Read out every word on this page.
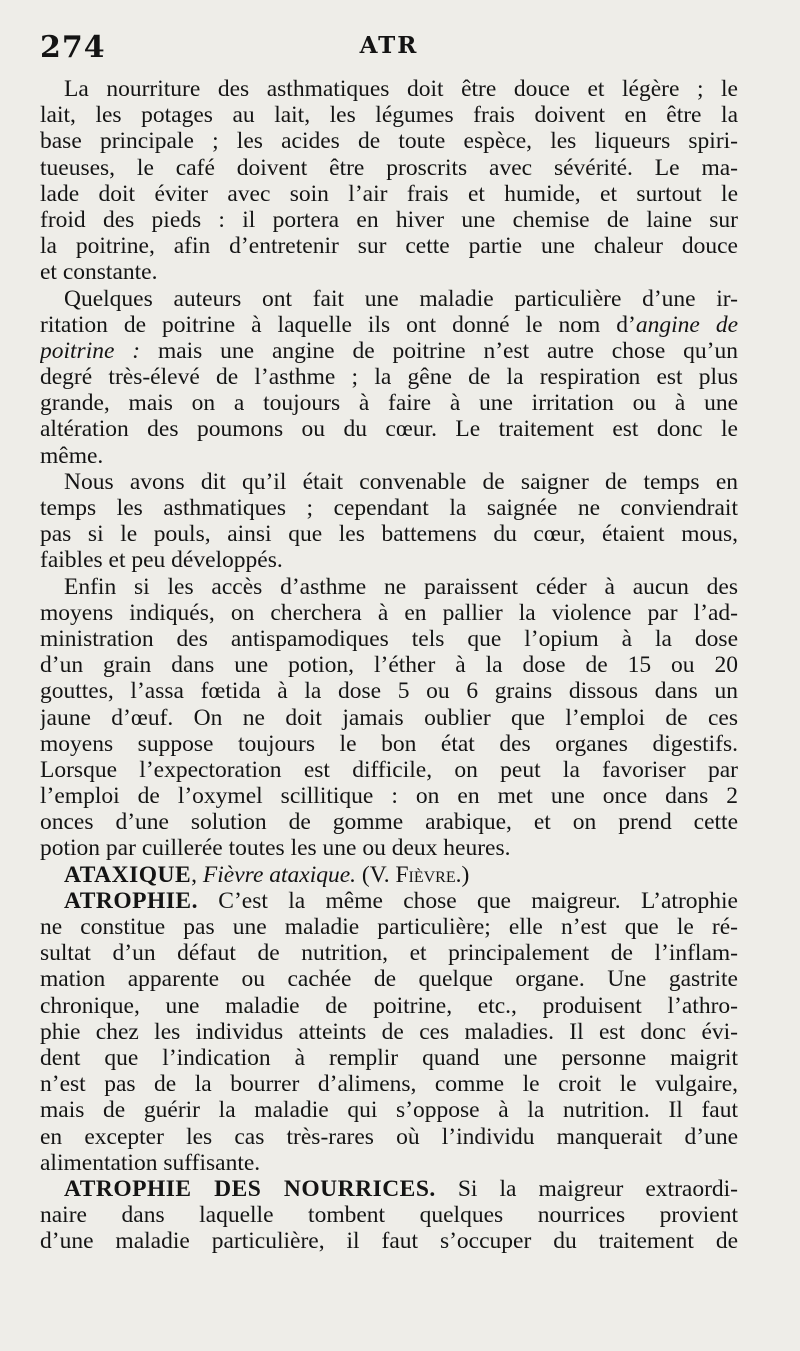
274	ATR
La nourriture des asthmatiques doit être douce et légère ; le
lait, les potages au lait, les légumes frais doivent en être la
base principale ; les acides de toute espèce, les liqueurs spiri-
tueuses, le café doivent être proscrits avec sévérité. Le ma-
lade doit éviter avec soin l’air frais et humide, et surtout le
froid des pieds : il portera en hiver une chemise de laine sur
la poitrine, afin d’entretenir sur cette partie une chaleur douce
et constante.
Quelques auteurs ont fait une maladie particulière d’une ir-
ritation de poitrine à laquelle ils ont donné le nom d’angine de
poitrine : mais une angine de poitrine n’est autre chose qu’un
degré très-élevé de l’asthme ; la gêne de la respiration est plus
grande, mais on a toujours à faire à une irritation ou à une
altération des poumons ou du cœur. Le traitement est donc le
même.
Nous avons dit qu’il était convenable de saigner de temps en
temps les asthmatiques ; cependant la saignée ne conviendrait
pas si le pouls, ainsi que les battemens du cœur, étaient mous,
faibles et peu développés.
Enfin si les accès d’asthme ne paraissent céder à aucun des
moyens indiqués, on cherchera à en pallier la violence par l’ad-
ministration des antispamodiques tels que l’opium à la dose
d’un grain dans une potion, l’éther à la dose de 15 ou 20
gouttes, l’assa fœtida à la dose 5 ou 6 grains dissous dans un
jaune d’œuf. On ne doit jamais oublier que l’emploi de ces
moyens suppose toujours le bon état des organes digestifs.
Lorsque l’expectoration est difficile, on peut la favoriser par
l’emploi de l’oxymel scillitique : on en met une once dans 2
onces d’une solution de gomme arabique, et on prend cette
potion par cuillerée toutes les une ou deux heures.
ATAXIQUE, Fièvre ataxique. (V. Fièvre.)
ATROPHIE. C’est la même chose que maigreur. L’atrophie
ne constitue pas une maladie particulière; elle n’est que le ré-
sultat d’un défaut de nutrition, et principalement de l’inflam-
mation apparente ou cachée de quelque organe. Une gastrite
chronique, une maladie de poitrine, etc., produisent l’athro-
phie chez les individus atteints de ces maladies. Il est donc évi-
dent que l’indication à remplir quand une personne maigrit
n’est pas de la bourrer d’alimens, comme le croit le vulgaire,
mais de guérir la maladie qui s’oppose à la nutrition. Il faut
en excepter les cas très-rares où l’individu manquerait d’une
alimentation suffisante.
ATROPHIE DES NOURRICES. Si la maigreur extraordi-
naire dans laquelle tombent quelques nourrices provient
d’une maladie particulière, il faut s’occuper du traitement de
